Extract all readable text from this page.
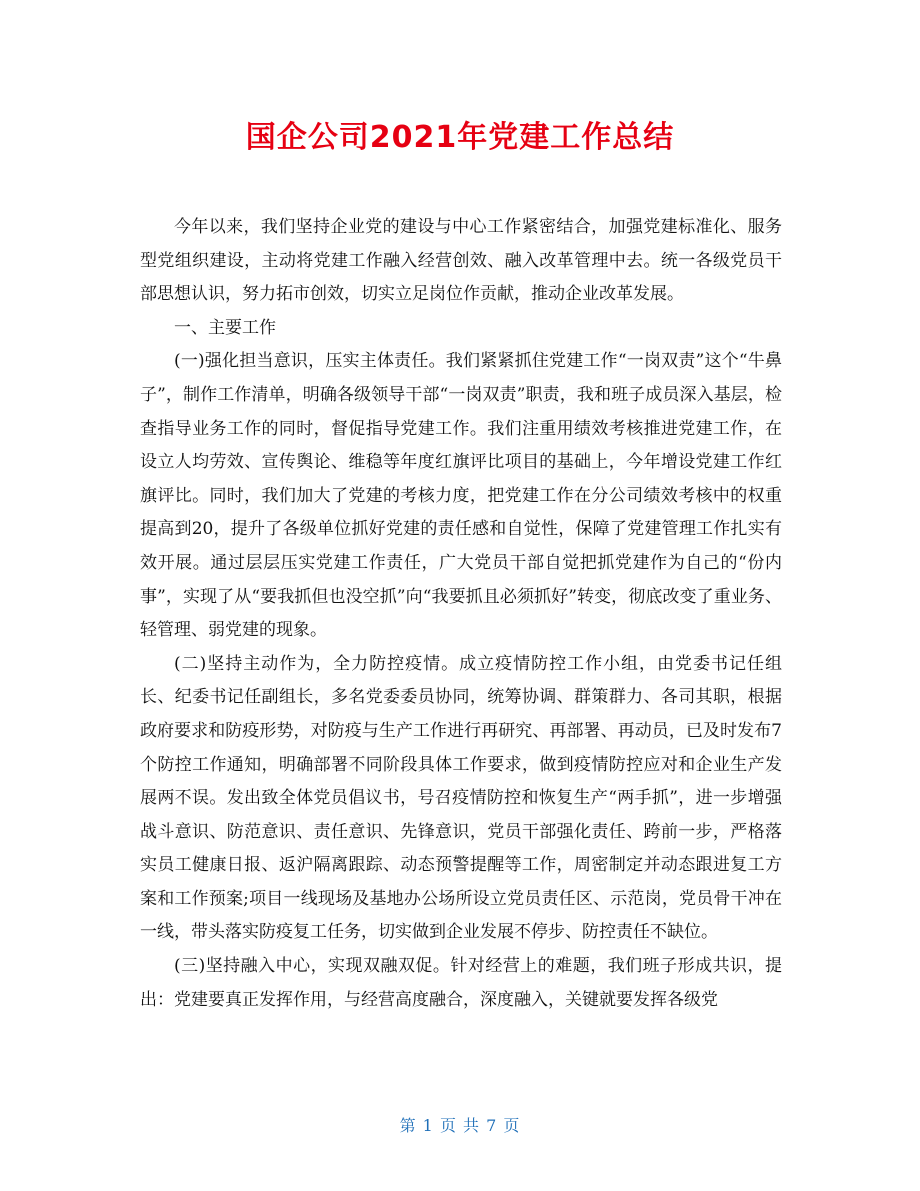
国企公司2021年党建工作总结

今年以来，我们坚持企业党的建设与中心工作紧密结合，加强党建标准化、服务型党组织建设，主动将党建工作融入经营创效、融入改革管理中去。统一各级党员干部思想认识，努力拓市创效，切实立足岗位作贡献，推动企业改革发展。

一、主要工作

(一)强化担当意识，压实主体责任。我们紧紧抓住党建工作“一岗双责”这个“牛鼻子”，制作工作清单，明确各级领导干部“一岗双责”职责，我和班子成员深入基层，检查指导业务工作的同时，督促指导党建工作。我们注重用绩效考核推进党建工作，在设立人均劳效、宣传舆论、维稳等年度红旗评比项目的基础上，今年增设党建工作红旗评比。同时，我们加大了党建的考核力度，把党建工作在分公司绩效考核中的权重提高到20，提升了各级单位抓好党建的责任感和自觉性，保障了党建管理工作扎实有效开展。通过层层压实党建工作责任，广大党员干部自觉把抓党建作为自己的“份内事”，实现了从“要我抓但也没空抓”向“我要抓且必须抓好”转变，彻底改变了重业务、轻管理、弱党建的现象。

(二)坚持主动作为，全力防控疫情。成立疫情防控工作小组，由党委书记任组长、纪委书记任副组长，多名党委委员协同，统筹协调、群策群力、各司其职，根据政府要求和防疫形势，对防疫与生产工作进行再研究、再部署、再动员，已及时发布7个防控工作通知，明确部署不同阶段具体工作要求，做到疫情防控应对和企业生产发展两不误。发出致全体党员倡议书，号召疫情防控和恢复生产“两手抓”，进一步增强战斗意识、防范意识、责任意识、先锋意识，党员干部强化责任、跨前一步，严格落实员工健康日报、返沪隔离跟踪、动态预警提醒等工作，周密制定并动态跟进复工方案和工作预案;项目一线现场及基地办公场所设立党员责任区、示范岗，党员骨干冲在一线，带头落实防疫复工任务，切实做到企业发展不停步、防控责任不缺位。

(三)坚持融入中心，实现双融双促。针对经营上的难题，我们班子形成共识，提出：党建要真正发挥作用，与经营高度融合，深度融入，关键就要发挥各级党

第 1 页 共 7 页
